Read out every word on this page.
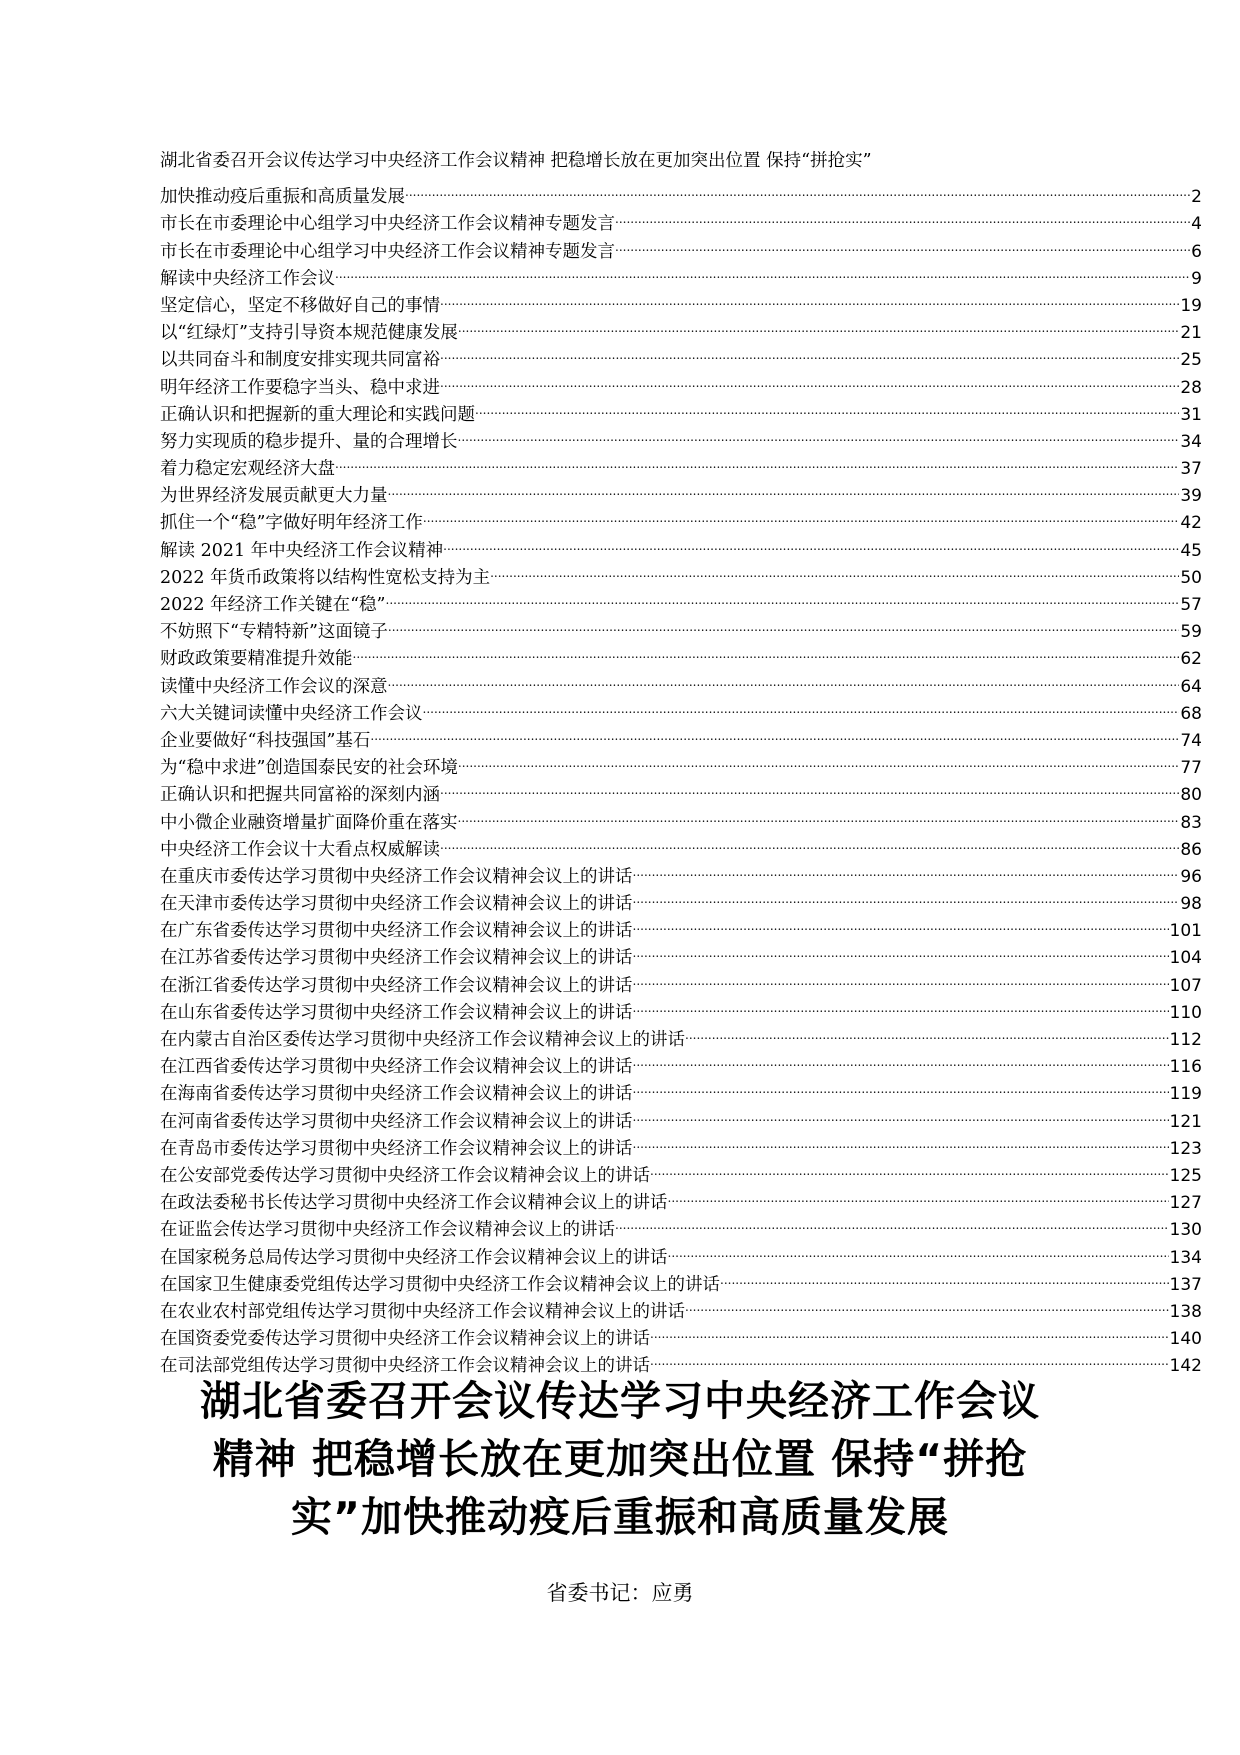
湖北省委召开会议传达学习中央经济工作会议精神 把稳增长放在更加突出位置 保持“拼抢实”
加快推动疫后重振和高质量发展 .....	2
市长在市委理论中心组学习中央经济工作会议精神专题发言 .....	4
市长在市委理论中心组学习中央经济工作会议精神专题发言 .....	6
解读中央经济工作会议 .....	9
坚定信心，坚定不移做好自己的事情 .....	19
以“红绿灯”支持引导资本规范健康发展 .....	21
以共同奋斗和制度安排实现共同富裕 .....	25
明年经济工作要稳字当头、稳中求进 .....	28
正确认识和把握新的重大理论和实践问题 .....	31
努力实现质的稳步提升、量的合理增长 .....	34
着力稳定宏观经济大盘 .....	37
为世界经济发展贡献更大力量 .....	39
抓住一个“稳”字做好明年经济工作 .....	42
解读 2021 年中央经济工作会议精神 .....	45
2022 年货币政策将以结构性宽松支持为主 .....	50
2022 年经济工作关键在“稳” .....	57
不妨照下“专精特新”这面镜子 .....	59
财政政策要精准提升效能 .....	62
读懂中央经济工作会议的深意 .....	64
六大关键词读懂中央经济工作会议 .....	68
企业要做好“科技强国”基石 .....	74
为“稳中求进”创造国泰民安的社会环境 .....	77
正确认识和把握共同富裕的深刻内涵 .....	80
中小微企业融资增量扩面降价重在落实 .....	83
中央经济工作会议十大看点权威解读 .....	86
在重庆市委传达学习贯彻中央经济工作会议精神会议上的讲话 .....	96
在天津市委传达学习贯彻中央经济工作会议精神会议上的讲话 .....	98
在广东省委传达学习贯彻中央经济工作会议精神会议上的讲话 .....	101
在江苏省委传达学习贯彻中央经济工作会议精神会议上的讲话 .....	104
在浙江省委传达学习贯彻中央经济工作会议精神会议上的讲话 .....	107
在山东省委传达学习贯彻中央经济工作会议精神会议上的讲话 .....	110
在内蒙古自治区委传达学习贯彻中央经济工作会议精神会议上的讲话 .....	112
在江西省委传达学习贯彻中央经济工作会议精神会议上的讲话 .....	116
在海南省委传达学习贯彻中央经济工作会议精神会议上的讲话 .....	119
在河南省委传达学习贯彻中央经济工作会议精神会议上的讲话 .....	121
在青岛市委传达学习贯彻中央经济工作会议精神会议上的讲话 .....	123
在公安部党委传达学习贯彻中央经济工作会议精神会议上的讲话 .....	125
在政法委秘书长传达学习贯彻中央经济工作会议精神会议上的讲话 .....	127
在证监会传达学习贯彻中央经济工作会议精神会议上的讲话 .....	130
在国家税务总局传达学习贯彻中央经济工作会议精神会议上的讲话 .....	134
在国家卫生健康委党组传达学习贯彻中央经济工作会议精神会议上的讲话 .....	137
在农业农村部党组传达学习贯彻中央经济工作会议精神会议上的讲话 .....	138
在国资委党委传达学习贯彻中央经济工作会议精神会议上的讲话 .....	140
在司法部党组传达学习贯彻中央经济工作会议精神会议上的讲话 .....	142
湖北省委召开会议传达学习中央经济工作会议
精神 把稳增长放在更加突出位置 保持“拼抢
实”加快推动疫后重振和高质量发展
省委书记：应勇
